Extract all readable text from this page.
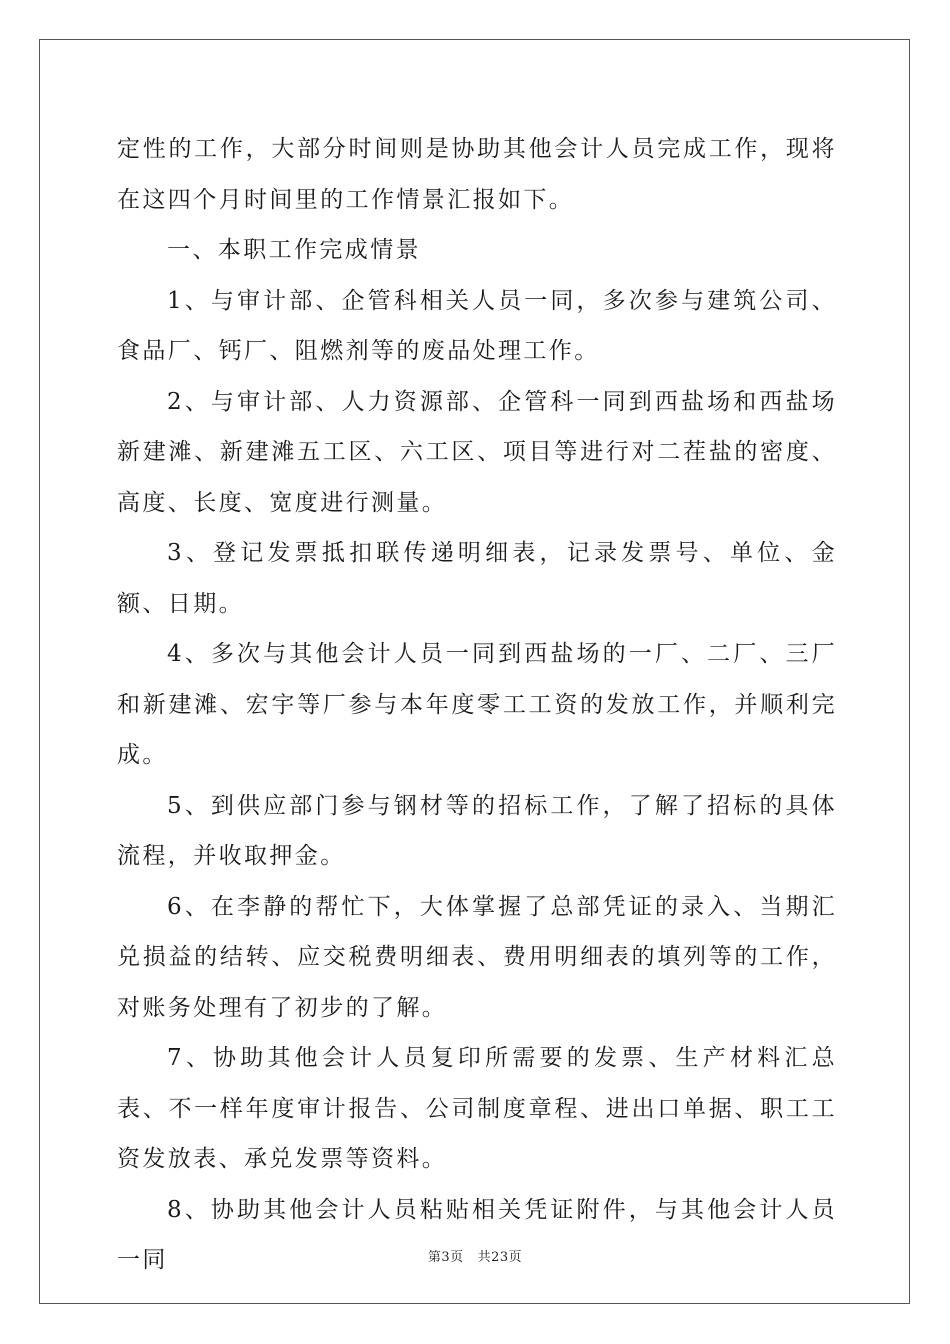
定性的工作，大部分时间则是协助其他会计人员完成工作，现将在这四个月时间里的工作情景汇报如下。

一、本职工作完成情景

1、与审计部、企管科相关人员一同，多次参与建筑公司、食品厂、钙厂、阻燃剂等的废品处理工作。

2、与审计部、人力资源部、企管科一同到西盐场和西盐场新建滩、新建滩五工区、六工区、项目等进行对二茬盐的密度、高度、长度、宽度进行测量。

3、登记发票抵扣联传递明细表，记录发票号、单位、金额、日期。

4、多次与其他会计人员一同到西盐场的一厂、二厂、三厂和新建滩、宏宇等厂参与本年度零工工资的发放工作，并顺利完成。

5、到供应部门参与钢材等的招标工作，了解了招标的具体流程，并收取押金。

6、在李静的帮忙下，大体掌握了总部凭证的录入、当期汇兑损益的结转、应交税费明细表、费用明细表的填列等的工作，对账务处理有了初步的了解。

7、协助其他会计人员复印所需要的发票、生产材料汇总表、不一样年度审计报告、公司制度章程、进出口单据、职工工资发放表、承兑发票等资料。

8、协助其他会计人员粘贴相关凭证附件，与其他会计人员一同	第3页 共23页
